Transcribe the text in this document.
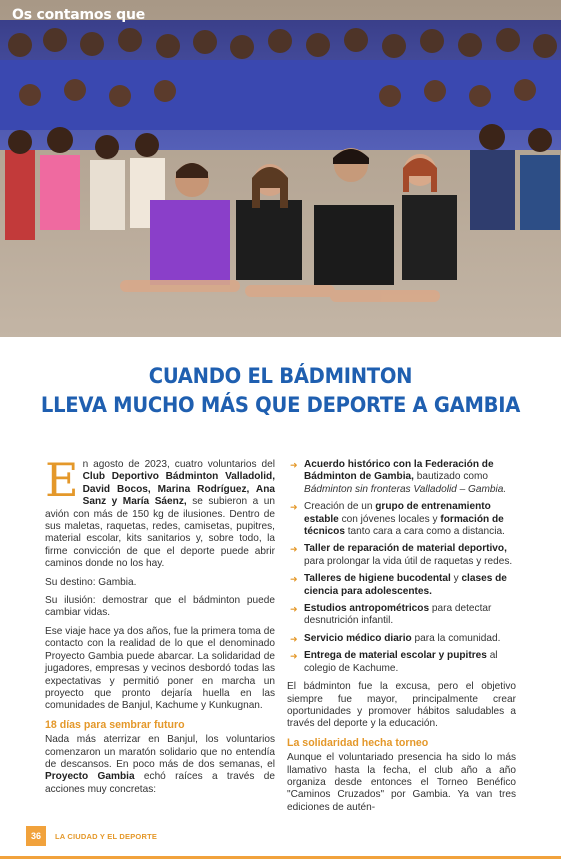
Os contamos que
CUANDO EL BÁDMINTON
LLEVA MUCHO MÁS QUE DEPORTE A GAMBIA

En agosto de 2023, cuatro voluntarios del Club Deportivo Bádminton Valladolid, David Bocos, Marina Rodríguez, Ana Sanz y María Sáenz, se subieron a un avión con más de 150 kg de ilusiones. Dentro de sus maletas, raquetas, redes, camisetas, pupitres, material escolar, kits sanitarios y, sobre todo, la firme convicción de que el deporte puede abrir caminos donde no los hay.

Su destino: Gambia.

Su ilusión: demostrar que el bádminton puede cambiar vidas.

Ese viaje hace ya dos años, fue la primera toma de contacto con la realidad de lo que el denominado Proyecto Gambia puede abarcar. La solidaridad de jugadores, empresas y vecinos desbordó todas las expectativas y permitió poner en marcha un proyecto que pronto dejaría huella en las comunidades de Banjul, Kachume y Kunkugnan.

18 días para sembrar futuro

Nada más aterrizar en Banjul, los voluntarios comenzaron un maratón solidario que no entendía de descansos. En poco más de dos semanas, el Proyecto Gambia echó raíces a través de acciones muy concretas:

➜ Acuerdo histórico con la Federación de Bádminton de Gambia, bautizado como Bádminton sin fronteras Valladolid – Gambia.
➜ Creación de un grupo de entrenamiento estable con jóvenes locales y formación de técnicos tanto cara a cara como a distancia.
➜ Taller de reparación de material deportivo, para prolongar la vida útil de raquetas y redes.
➜ Talleres de higiene bucodental y clases de ciencia para adolescentes.
➜ Estudios antropométricos para detectar desnutrición infantil.
➜ Servicio médico diario para la comunidad.
➜ Entrega de material escolar y pupitres al colegio de Kachume.

El bádminton fue la excusa, pero el objetivo siempre fue mayor, principalmente crear oportunidades y promover hábitos saludables a través del deporte y la educación.

La solidaridad hecha torneo

Aunque el voluntariado presencia ha sido lo más llamativo hasta la fecha, el club año a año organiza desde entonces el Torneo Benéfico "Caminos Cruzados" por Gambia. Ya van tres ediciones de autén-

36	LA CIUDAD Y EL DEPORTE
